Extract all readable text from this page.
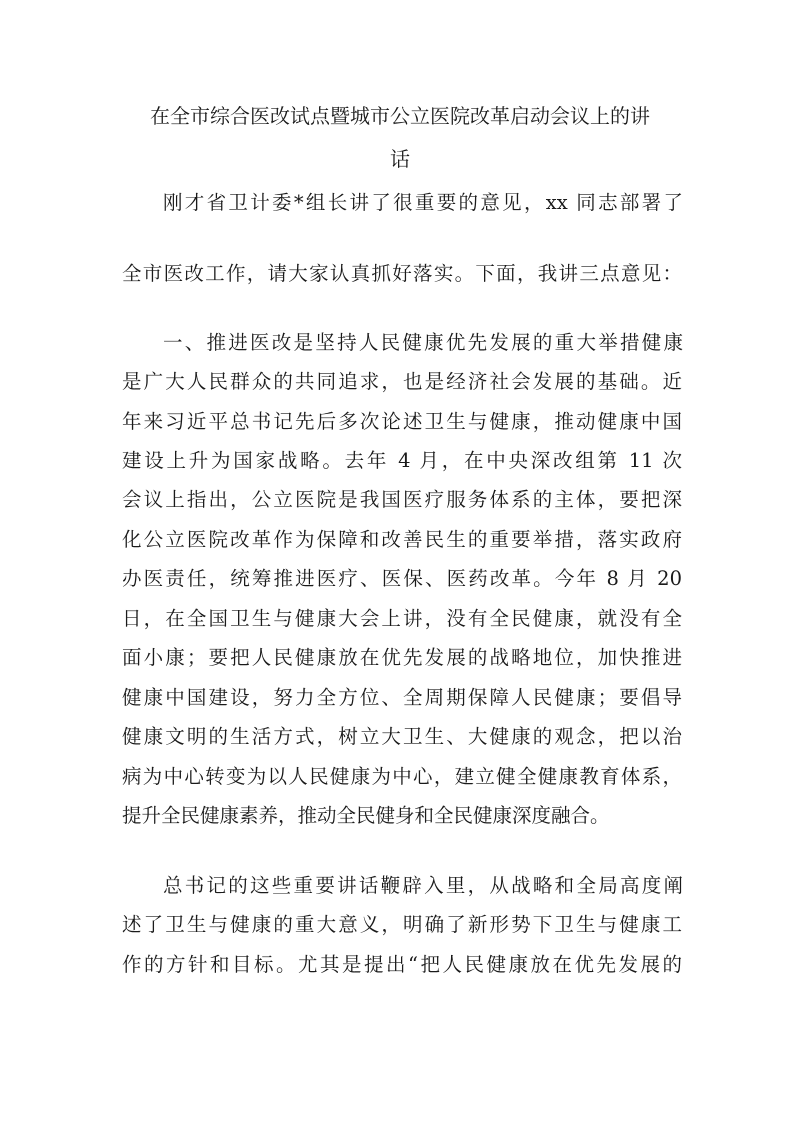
在全市综合医改试点暨城市公立医院改革启动会议上的讲
话
刚才省卫计委*组长讲了很重要的意见，xx 同志部署了
全市医改工作，请大家认真抓好落实。下面，我讲三点意见：
一、推进医改是坚持人民健康优先发展的重大举措健康
是广大人民群众的共同追求，也是经济社会发展的基础。近
年来习近平总书记先后多次论述卫生与健康，推动健康中国
建设上升为国家战略。去年 4 月，在中央深改组第 11 次
会议上指出，公立医院是我国医疗服务体系的主体，要把深
化公立医院改革作为保障和改善民生的重要举措，落实政府
办医责任，统筹推进医疗、医保、医药改革。今年 8 月 20
日，在全国卫生与健康大会上讲，没有全民健康，就没有全
面小康；要把人民健康放在优先发展的战略地位，加快推进
健康中国建设，努力全方位、全周期保障人民健康；要倡导
健康文明的生活方式，树立大卫生、大健康的观念，把以治
病为中心转变为以人民健康为中心，建立健全健康教育体系，
提升全民健康素养，推动全民健身和全民健康深度融合。
总书记的这些重要讲话鞭辟入里，从战略和全局高度阐
述了卫生与健康的重大意义，明确了新形势下卫生与健康工
作的方针和目标。尤其是提出“把人民健康放在优先发展的
